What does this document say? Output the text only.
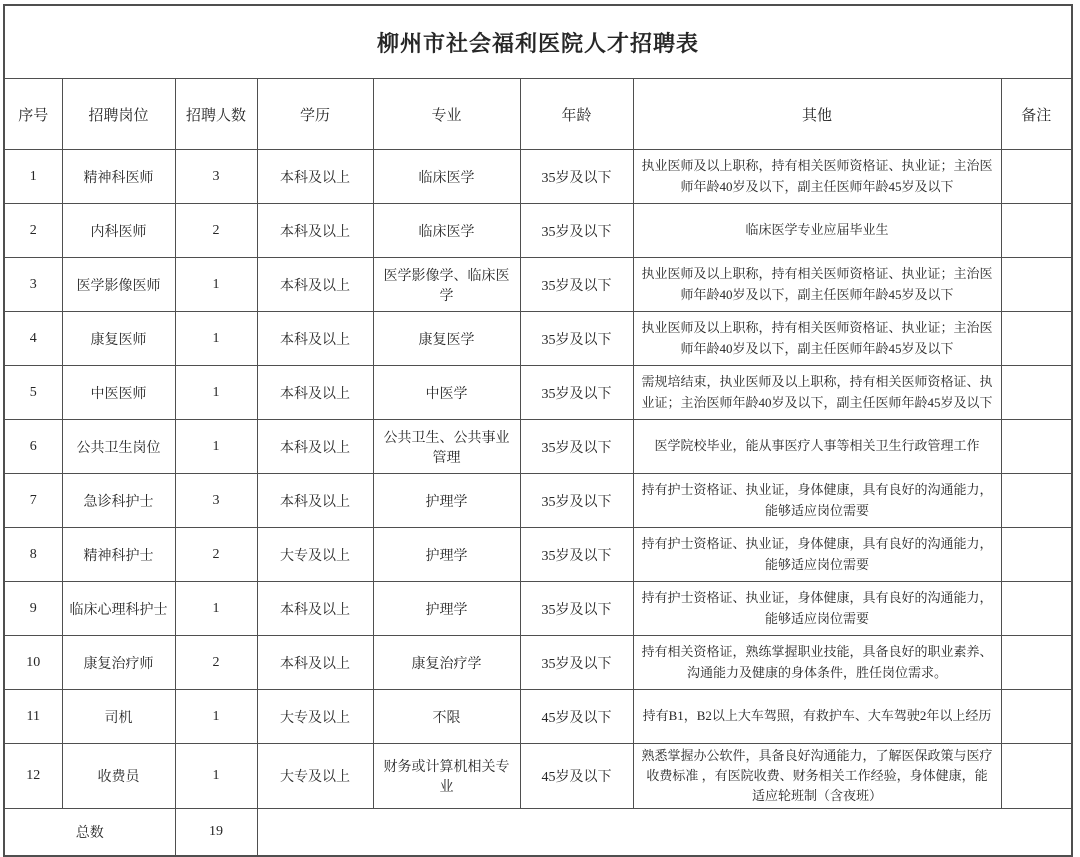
柳州市社会福利医院人才招聘表							
序号	招聘岗位	招聘人数	学历	专业	年龄	其他	备注
1	精神科医师	3	本科及以上	临床医学	35岁及以下	执业医师及以上职称，持有相关医师资格证、执业证；主治医师年龄40岁及以下，副主任医师年龄45岁及以下	
2	内科医师	2	本科及以上	临床医学	35岁及以下	临床医学专业应届毕业生	
3	医学影像医师	1	本科及以上	医学影像学、临床医学	35岁及以下	执业医师及以上职称，持有相关医师资格证、执业证；主治医师年龄40岁及以下，副主任医师年龄45岁及以下	
4	康复医师	1	本科及以上	康复医学	35岁及以下	执业医师及以上职称，持有相关医师资格证、执业证；主治医师年龄40岁及以下，副主任医师年龄45岁及以下	
5	中医医师	1	本科及以上	中医学	35岁及以下	需规培结束，执业医师及以上职称，持有相关医师资格证、执业证；主治医师年龄40岁及以下，副主任医师年龄45岁及以下	
6	公共卫生岗位	1	本科及以上	公共卫生、公共事业管理	35岁及以下	医学院校毕业，能从事医疗人事等相关卫生行政管理工作	
7	急诊科护士	3	本科及以上	护理学	35岁及以下	持有护士资格证、执业证，身体健康，具有良好的沟通能力，能够适应岗位需要	
8	精神科护士	2	大专及以上	护理学	35岁及以下	持有护士资格证、执业证，身体健康，具有良好的沟通能力，能够适应岗位需要	
9	临床心理科护士	1	本科及以上	护理学	35岁及以下	持有护士资格证、执业证，身体健康，具有良好的沟通能力，能够适应岗位需要	
10	康复治疗师	2	本科及以上	康复治疗学	35岁及以下	持有相关资格证，熟练掌握职业技能，具备良好的职业素养、沟通能力及健康的身体条件，胜任岗位需求。	
11	司机	1	大专及以上	不限	45岁及以下	持有B1，B2以上大车驾照，有救护车、大车驾驶2年以上经历	
12	收费员	1	大专及以上	财务或计算机相关专业	45岁及以下	熟悉掌握办公软件，具备良好沟通能力，了解医保政策与医疗收费标准 ，有医院收费、财务相关工作经验，身体健康，能适应轮班制（含夜班）	
总数		19					
